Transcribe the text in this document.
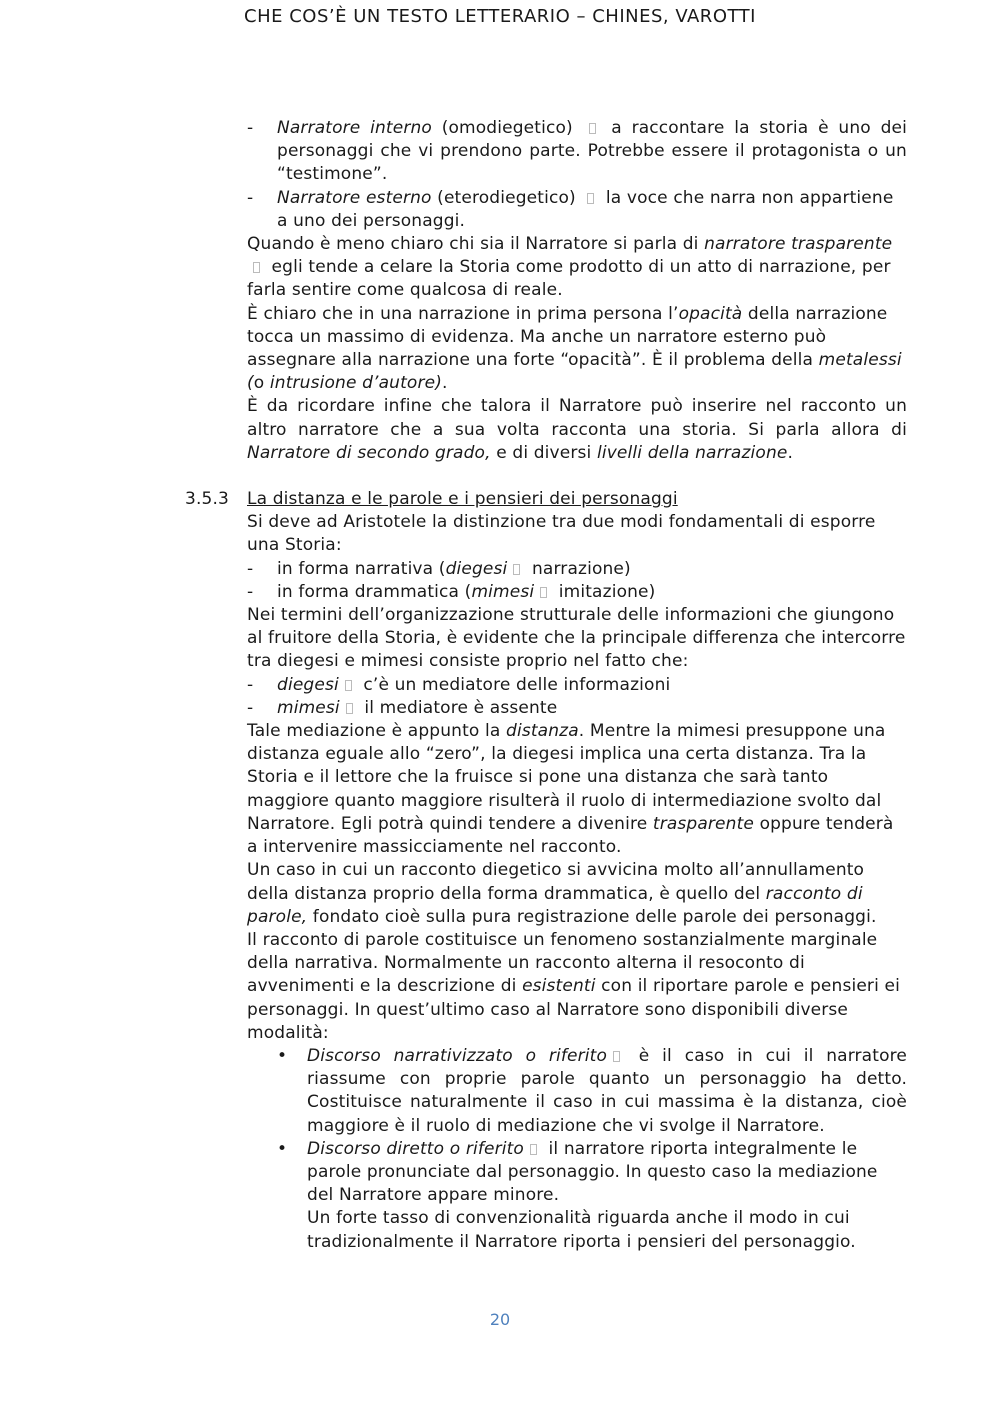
CHE COS’È UN TESTO LETTERARIO – CHINES, VAROTTI

- Narratore interno (omodiegetico)  a raccontare la storia è uno dei personaggi che vi prendono parte. Potrebbe essere il protagonista o un “testimone”.

- Narratore esterno (eterodiegetico)  la voce che narra non appartiene a uno dei personaggi.

Quando è meno chiaro chi sia il Narratore si parla di narratore trasparente egli tende a celare la Storia come prodotto di un atto di narrazione, per farla sentire come qualcosa di reale.

È chiaro che in una narrazione in prima persona l’opacità della narrazione tocca un massimo di evidenza. Ma anche un narratore esterno può assegnare alla narrazione una forte “opacità”. È il problema della metalessi (o intrusione d’autore).

È da ricordare infine che talora il Narratore può inserire nel racconto un altro narratore che a sua volta racconta una storia. Si parla allora di Narratore di secondo grado, e di diversi livelli della narrazione.

3.5.3 La distanza e le parole e i pensieri dei personaggi

Si deve ad Aristotele la distinzione tra due modi fondamentali di esporre una Storia:

- in forma narrativa (diegesi narrazione)

- in forma drammatica (mimesi imitazione)

Nei termini dell’organizzazione strutturale delle informazioni che giungono al fruitore della Storia, è evidente che la principale differenza che intercorre tra diegesi e mimesi consiste proprio nel fatto che:

- diegesi c’è un mediatore delle informazioni

- mimesi il mediatore è assente

Tale mediazione è appunto la distanza. Mentre la mimesi presuppone una distanza eguale allo “zero”, la diegesi implica una certa distanza. Tra la Storia e il lettore che la fruisce si pone una distanza che sarà tanto maggiore quanto maggiore risulterà il ruolo di intermediazione svolto dal Narratore. Egli potrà quindi tendere a divenire trasparente oppure tenderà a intervenire massicciamente nel racconto.

Un caso in cui un racconto diegetico si avvicina molto all’annullamento della distanza proprio della forma drammatica, è quello del racconto di parole, fondato cioè sulla pura registrazione delle parole dei personaggi.

Il racconto di parole costituisce un fenomeno sostanzialmente marginale della narrativa. Normalmente un racconto alterna il resoconto di avvenimenti e la descrizione di esistenti con il riportare parole e pensieri ei personaggi. In quest’ultimo caso al Narratore sono disponibili diverse modalità:

• Discorso narrativizzato o riferito è il caso in cui il narratore riassume con proprie parole quanto un personaggio ha detto. Costituisce naturalmente il caso in cui massima è la distanza, cioè maggiore è il ruolo di mediazione che vi svolge il Narratore.

• Discorso diretto o riferito il narratore riporta integralmente le parole pronunciate dal personaggio. In questo caso la mediazione del Narratore appare minore.

Un forte tasso di convenzionalità riguarda anche il modo in cui tradizionalmente il Narratore riporta i pensieri del personaggio.

20
